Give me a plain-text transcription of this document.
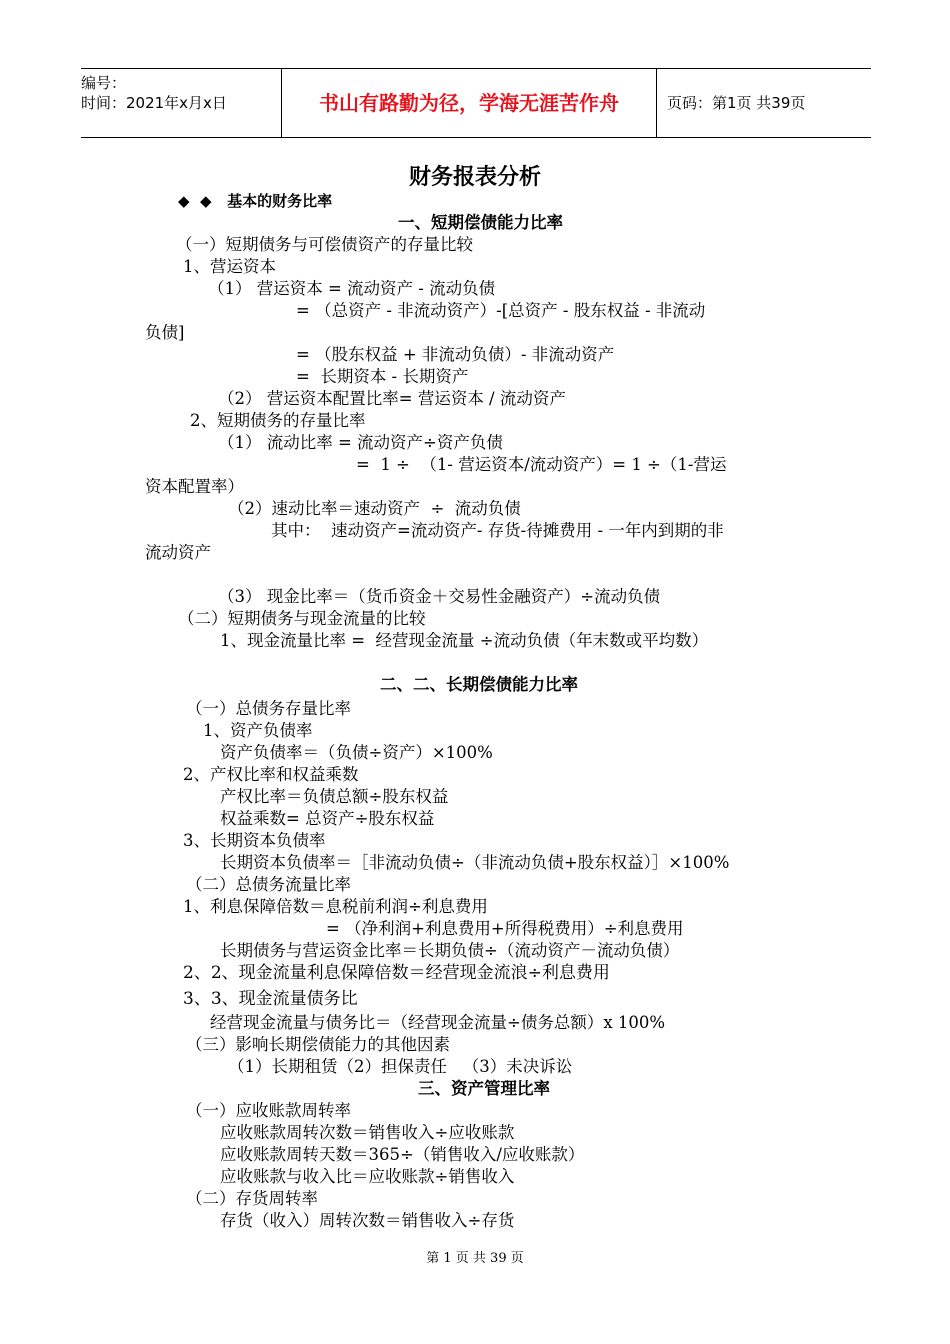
编号：
时间：2021年x月x日	书山有路勤为径，学海无涯苦作舟	页码：第1页 共39页
财务报表分析
◆  ◆   基本的财务比率
一、短期偿债能力比率
（一）短期债务与可偿债资产的存量比较
1、营运资本
（1） 营运资本 = 流动资产 - 流动负债
= （总资产 - 非流动资产）-[总资产 - 股东权益 - 非流动
负债]
= （股东权益 + 非流动负债）- 非流动资产
=  长期资本 - 长期资产
（2） 营运资本配置比率= 营运资本 / 流动资产
2、短期债务的存量比率
（1） 流动比率 = 流动资产÷资产负债
=  1 ÷  （1- 营运资本/流动资产）= 1 ÷（1-营运
资本配置率）
（2）速动比率＝速动资产  ÷  流动负债
其中：  速动资产=流动资产- 存货-待摊费用 - 一年内到期的非
流动资产
（3） 现金比率＝（货币资金＋交易性金融资产）÷流动负债
（二）短期债务与现金流量的比较
1、现金流量比率 =  经营现金流量 ÷流动负债（年末数或平均数）
二、二、长期偿债能力比率
（一）总债务存量比率
1、资产负债率
资产负债率＝（负债÷资产）×100%
2、产权比率和权益乘数
产权比率＝负债总额÷股东权益
权益乘数= 总资产÷股东权益
3、长期资本负债率
长期资本负债率＝［非流动负债÷（非流动负债+股东权益）］×100%
（二）总债务流量比率
1、利息保障倍数＝息税前利润÷利息费用
= （净利润+利息费用+所得税费用）÷利息费用
长期债务与营运资金比率＝长期负债÷（流动资产－流动负债）
2、2、现金流量利息保障倍数＝经营现金流浪÷利息费用
3、3、现金流量债务比
经营现金流量与债务比＝（经营现金流量÷债务总额）x 100%
（三）影响长期偿债能力的其他因素
（1）长期租赁（2）担保责任   （3）未决诉讼
三、资产管理比率
（一）应收账款周转率
应收账款周转次数＝销售收入÷应收账款
应收账款周转天数＝365÷（销售收入/应收账款）
应收账款与收入比＝应收账款÷销售收入
（二）存货周转率
存货（收入）周转次数＝销售收入÷存货
第 1 页 共 39 页
